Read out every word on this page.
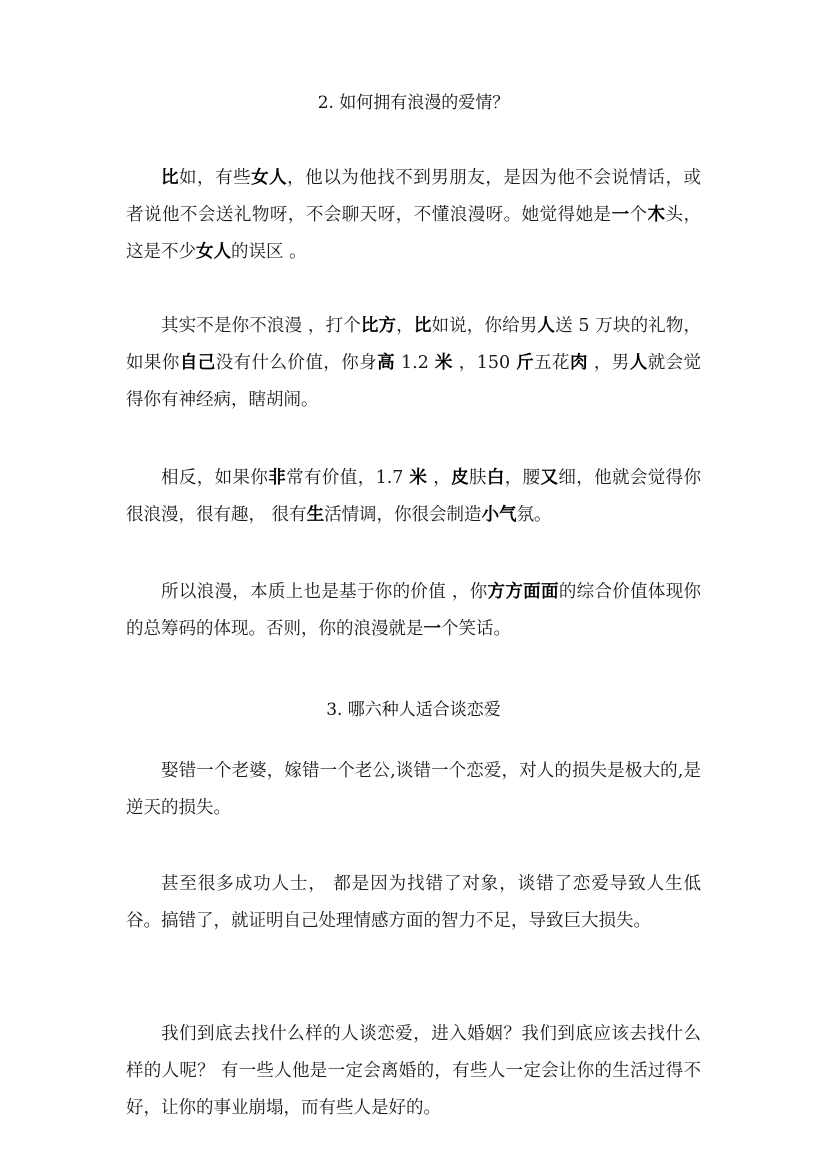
2. 如何拥有浪漫的爱情？

比如，有些女人，他以为他找不到男朋友，是因为他不会说情话，或者说他不会送礼物呀，不会聊天呀，不懂浪漫呀。她觉得她是一个木头，这是不少女人的误区 。

其实不是你不浪漫 ，打个比方，比如说，你给男人送 5 万块的礼物，如果你自己没有什么价值，你身高 1.2 米 ，150 斤五花肉 ，男人就会觉得你有神经病，瞎胡闹。

相反，如果你非常有价值，1.7 米 ，皮肤白，腰又细，他就会觉得你很浪漫，很有趣， 很有生活情调，你很会制造小气氛。

所以浪漫，本质上也是基于你的价值 ，你方方面面的综合价值体现你的总筹码的体现。否则，你的浪漫就是一个笑话。

3. 哪六种人适合谈恋爱

娶错一个老婆，嫁错一个老公,谈错一个恋爱，对人的损失是极大的,是逆天的损失。

甚至很多成功人士， 都是因为找错了对象，谈错了恋爱导致人生低谷。搞错了，就证明自己处理情感方面的智力不足，导致巨大损失。

我们到底去找什么样的人谈恋爱，进入婚姻？我们到底应该去找什么样的人呢？ 有一些人他是一定会离婚的，有些人一定会让你的生活过得不好，让你的事业崩塌，而有些人是好的。
